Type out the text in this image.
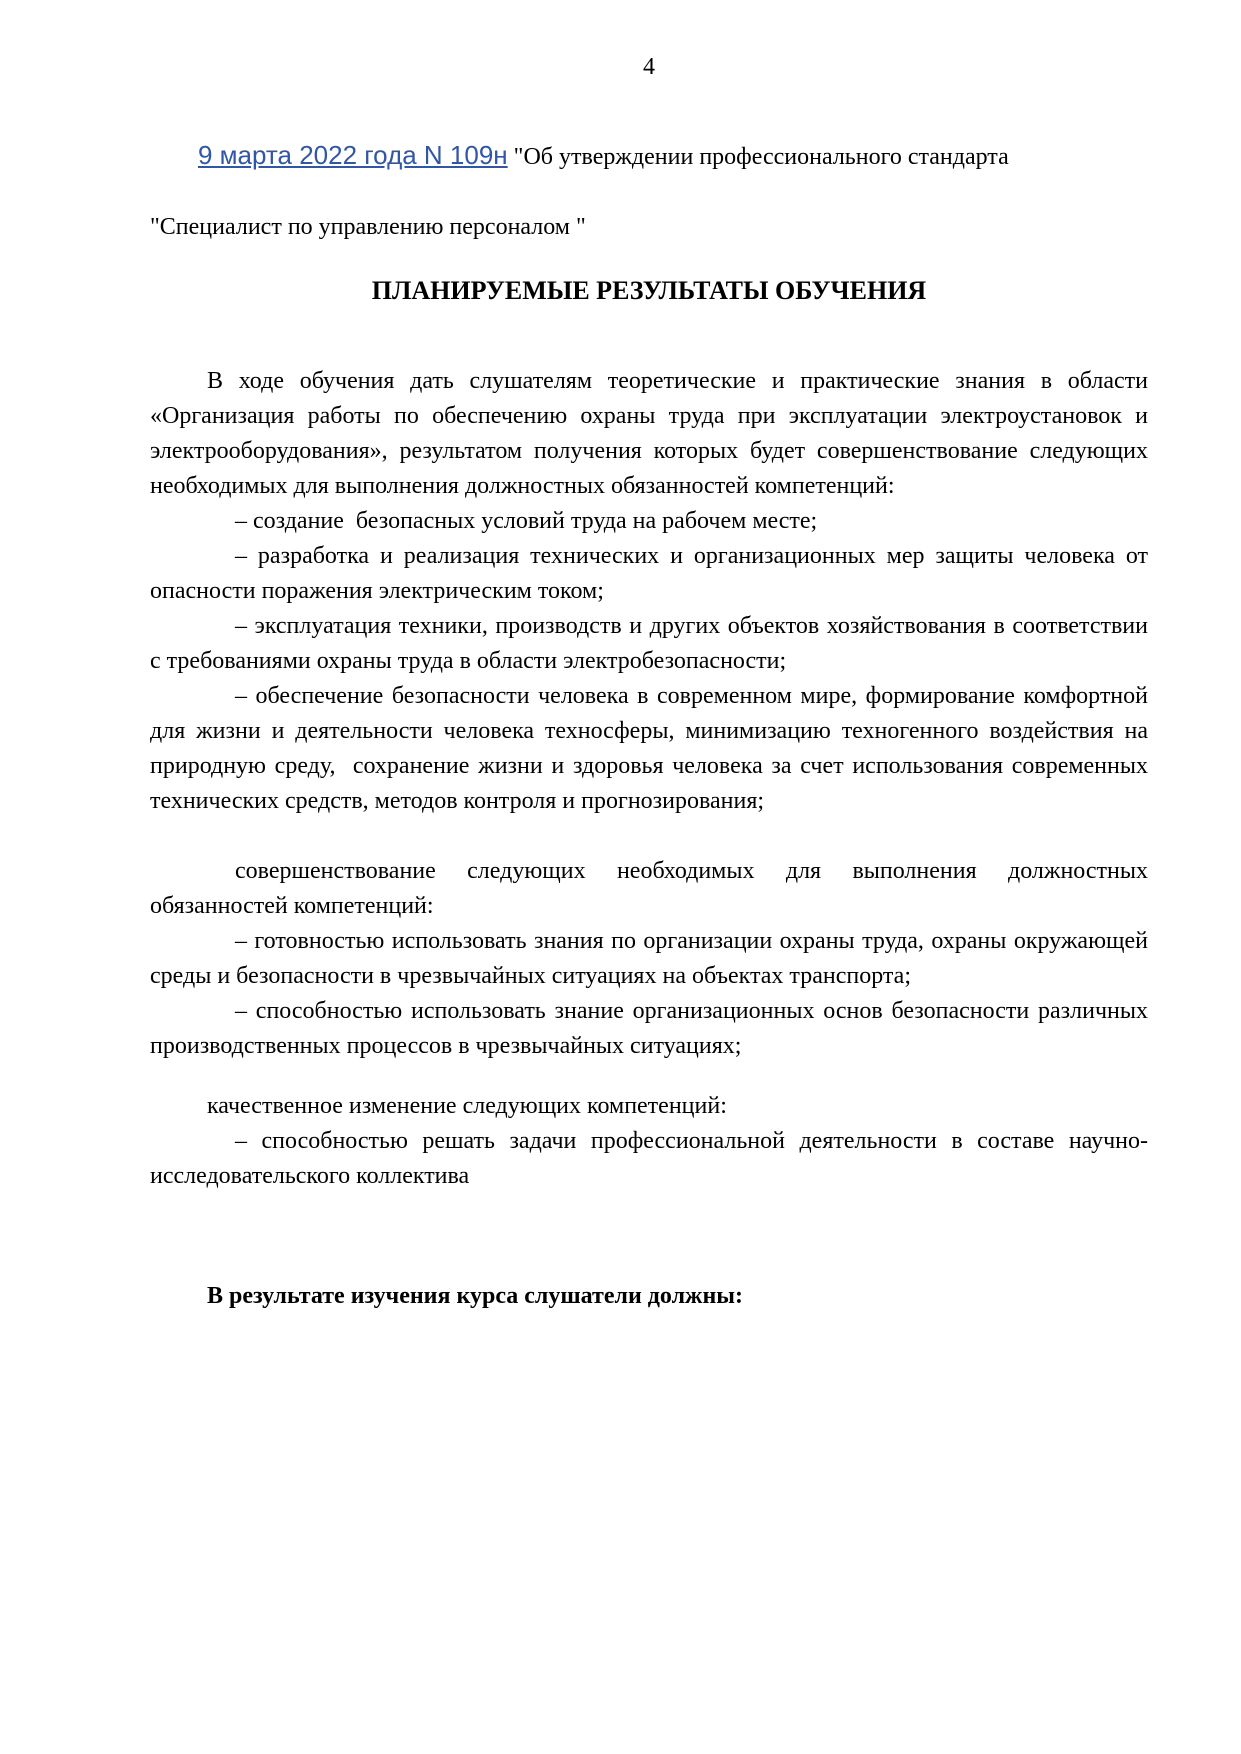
4

9 марта 2022 года N 109н "Об утверждении профессионального стандарта

"Специалист по управлению персоналом "
ПЛАНИРУЕМЫЕ РЕЗУЛЬТАТЫ ОБУЧЕНИЯ

В ходе обучения дать слушателям теоретические и практические знания в области «Организация работы по обеспечению охраны труда при эксплуатации электроустановок и электрооборудования», результатом получения которых будет совершенствование следующих необходимых для выполнения должностных обязанностей компетенций:

– создание  безопасных условий труда на рабочем месте;

– разработка и реализация технических и организационных мер защиты человека от опасности поражения электрическим током;

– эксплуатация техники, производств и других объектов хозяйствования в соответствии с требованиями охраны труда в области электробезопасности;

– обеспечение безопасности человека в современном мире, формирование комфортной для жизни и деятельности человека техносферы, минимизацию техногенного воздействия на природную среду,  сохранение жизни и здоровья человека за счет использования современных технических средств, методов контроля и прогнозирования;

совершенствование следующих необходимых для выполнения должностных обязанностей компетенций:

– готовностью использовать знания по организации охраны труда, охраны окружающей среды и безопасности в чрезвычайных ситуациях на объектах транспорта;

– способностью использовать знание организационных основ безопасности различных производственных процессов в чрезвычайных ситуациях;

качественное изменение следующих компетенций:

– способностью решать задачи профессиональной деятельности в составе научно- исследовательского коллектива

В результате изучения курса слушатели должны:
